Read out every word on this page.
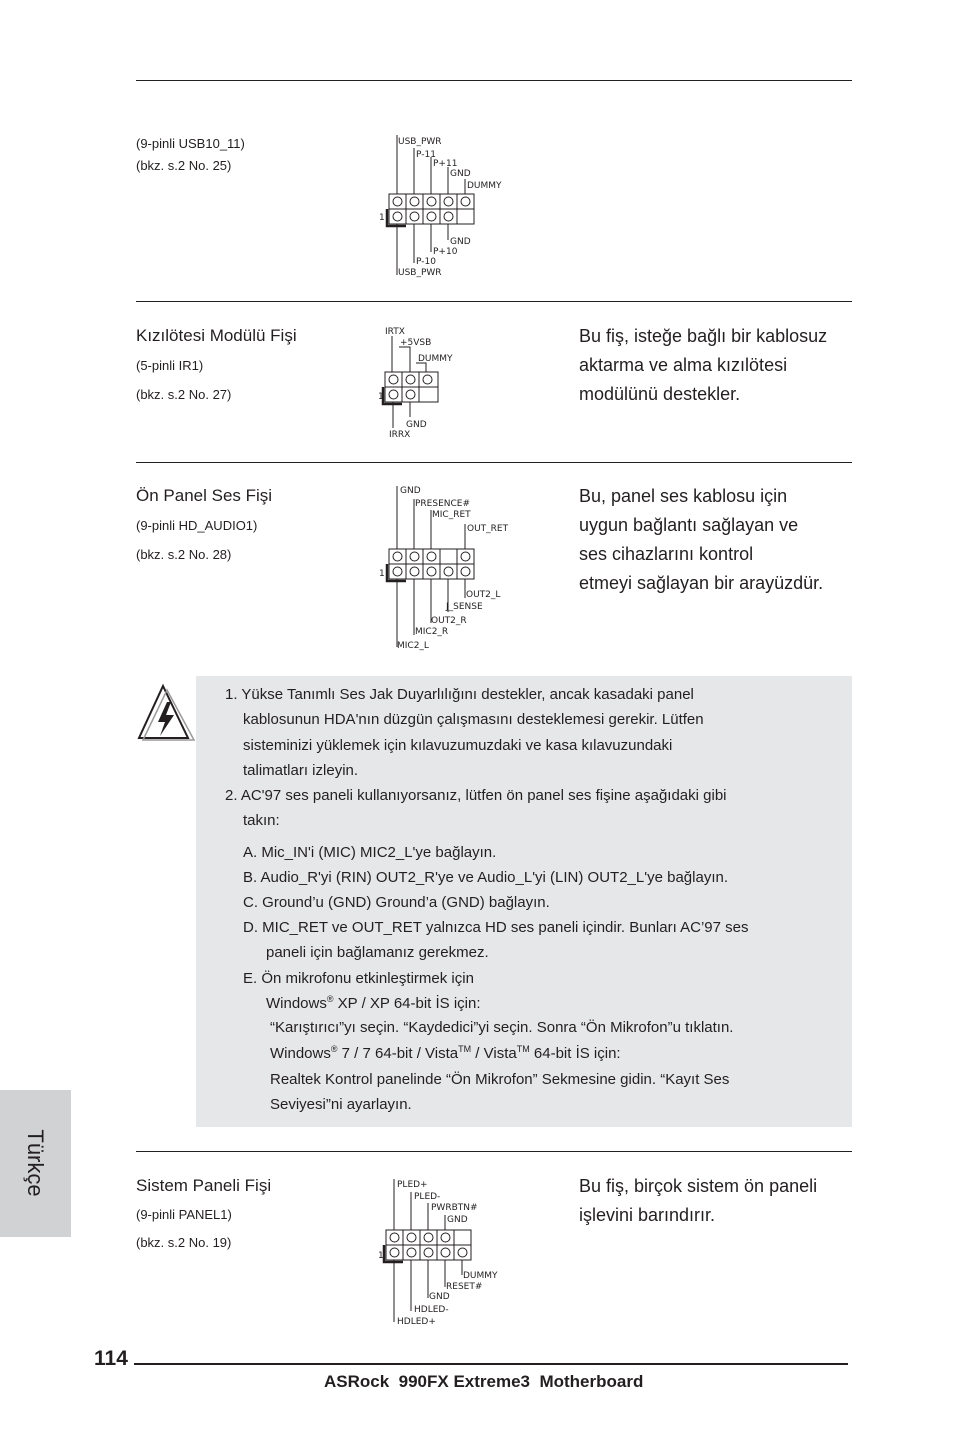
(9-pinli USB10_11)
(bkz. s.2 No. 25)
USB_PWR
P-11
P+11
GND
DUMMY
1
GND
P+10
P-10
USB_PWR
Kızılötesi Modülü Fişi
(5-pinli IR1)
(bkz. s.2 No. 27)
IRTX
+5VSB
DUMMY
1
GND
IRRX
Bu fiş, isteğe bağlı bir kablosuz
aktarma ve alma kızılötesi
modülünü destekler.
Ön Panel Ses Fişi
(9-pinli HD_AUDIO1)
(bkz. s.2 No. 28)
GND
PRESENCE#
MIC_RET
OUT_RET
1
OUT2_L
J_SENSE
OUT2_R
MIC2_R
MIC2_L
Bu, panel ses kablosu için
uygun bağlantı sağlayan ve
ses cihazlarını kontrol
etmeyi sağlayan bir arayüzdür.
1. Yükse Tanımlı Ses Jak Duyarlılığını destekler, ancak kasadaki panel
kablosunun HDA'nın düzgün çalışmasını desteklemesi gerekir. Lütfen
sisteminizi yüklemek için kılavuzumuzdaki ve kasa kılavuzundaki
talimatları izleyin.
2. AC'97 ses paneli kullanıyorsanız, lütfen ön panel ses fişine aşağıdaki gibi
takın:
A. Mic_IN'i (MIC) MIC2_L'ye bağlayın.
B. Audio_R'yi (RIN) OUT2_R'ye ve Audio_L'yi (LIN) OUT2_L'ye bağlayın.
C. Ground’u (GND) Ground’a (GND) bağlayın.
D. MIC_RET ve OUT_RET yalnızca HD ses paneli içindir. Bunları AC’97 ses
paneli için bağlamanız gerekmez.
E. Ön mikrofonu etkinleştirmek için
Windows® XP / XP 64-bit İS için:
“Karıştırıcı”yı seçin. “Kaydedici”yi seçin. Sonra “Ön Mikrofon”u tıklatın.
Windows® 7 / 7 64-bit / Vista™ / Vista™ 64-bit İS için:
Realtek Kontrol panelinde “Ön Mikrofon” Sekmesine gidin. “Kayıt Ses
Seviyesi”ni ayarlayın.
Türkçe	Sistem Paneli Fişi
(9-pinli PANEL1)
(bkz. s.2 No. 19)
PLED+
PLED-
PWRBTN#
GND
1
DUMMY
RESET#
GND
HDLED-
HDLED+
Bu fiş, birçok sistem ön paneli
işlevini barındırır.
114
ASRock  990FX Extreme3  Motherboard
